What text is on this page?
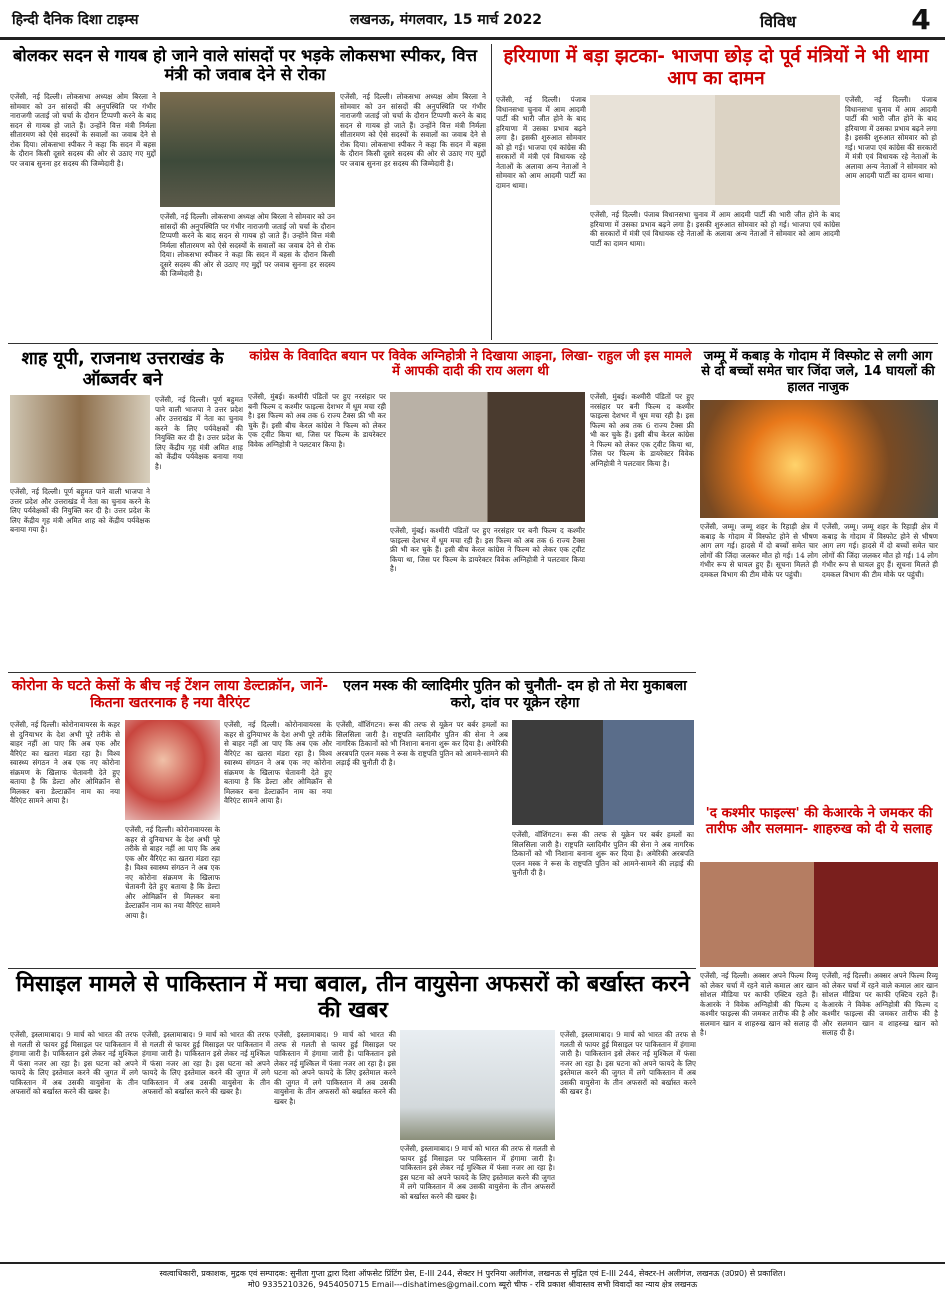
हिन्दी दैनिक दिशा टाइम्स	लखनऊ, मंगलवार, 15 मार्च 2022	विविध	4
बोलकर सदन से गायब हो जाने वाले सांसदों पर भड़के लोकसभा स्पीकर, वित्त मंत्री को जवाब देने से रोका
एजेंसी, नई दिल्ली। लोकसभा अध्यक्ष ओम बिरला ने सोमवार को उन सांसदों की अनुपस्थिति पर गंभीर नाराजगी जताई जो चर्चा के दौरान टिप्पणी करने के बाद सदन से गायब हो जाते हैं। उन्होंने वित्त मंत्री निर्मला सीतारमण को ऐसे सदस्यों के सवालों का जवाब देने से रोक दिया। लोकसभा स्पीकर ने कहा कि सदन में बहस के दौरान किसी दूसरे सदस्य की ओर से उठाए गए मुद्दों पर जवाब सुनना हर सदस्य की जिम्मेदारी है।
एजेंसी, नई दिल्ली। लोकसभा अध्यक्ष ओम बिरला ने सोमवार को उन सांसदों की अनुपस्थिति पर गंभीर नाराजगी जताई जो चर्चा के दौरान टिप्पणी करने के बाद सदन से गायब हो जाते हैं। उन्होंने वित्त मंत्री निर्मला सीतारमण को ऐसे सदस्यों के सवालों का जवाब देने से रोक दिया। लोकसभा स्पीकर ने कहा कि सदन में बहस के दौरान किसी दूसरे सदस्य की ओर से उठाए गए मुद्दों पर जवाब सुनना हर सदस्य की जिम्मेदारी है।
एजेंसी, नई दिल्ली। लोकसभा अध्यक्ष ओम बिरला ने सोमवार को उन सांसदों की अनुपस्थिति पर गंभीर नाराजगी जताई जो चर्चा के दौरान टिप्पणी करने के बाद सदन से गायब हो जाते हैं। उन्होंने वित्त मंत्री निर्मला सीतारमण को ऐसे सदस्यों के सवालों का जवाब देने से रोक दिया। लोकसभा स्पीकर ने कहा कि सदन में बहस के दौरान किसी दूसरे सदस्य की ओर से उठाए गए मुद्दों पर जवाब सुनना हर सदस्य की जिम्मेदारी है।
हरियाणा में बड़ा झटका- भाजपा छोड़ दो पूर्व मंत्रियों ने भी थामा आप का दामन
एजेंसी, नई दिल्ली। पंजाब विधानसभा चुनाव में आम आदमी पार्टी की भारी जीत होने के बाद हरियाणा में उसका प्रभाव बढ़ने लगा है। इसकी शुरुआत सोमवार को हो गई। भाजपा एवं कांग्रेस की सरकारों में मंत्री एवं विधायक रहे नेताओं के अलावा अन्य नेताओं ने सोमवार को आम आदमी पार्टी का दामन थामा।
एजेंसी, नई दिल्ली। पंजाब विधानसभा चुनाव में आम आदमी पार्टी की भारी जीत होने के बाद हरियाणा में उसका प्रभाव बढ़ने लगा है। इसकी शुरुआत सोमवार को हो गई। भाजपा एवं कांग्रेस की सरकारों में मंत्री एवं विधायक रहे नेताओं के अलावा अन्य नेताओं ने सोमवार को आम आदमी पार्टी का दामन थामा।
एजेंसी, नई दिल्ली। पंजाब विधानसभा चुनाव में आम आदमी पार्टी की भारी जीत होने के बाद हरियाणा में उसका प्रभाव बढ़ने लगा है। इसकी शुरुआत सोमवार को हो गई। भाजपा एवं कांग्रेस की सरकारों में मंत्री एवं विधायक रहे नेताओं के अलावा अन्य नेताओं ने सोमवार को आम आदमी पार्टी का दामन थामा।
शाह यूपी, राजनाथ उत्तराखंड के ऑब्जर्वर बने
एजेंसी, नई दिल्ली। पूर्ण बहुमत पाने वाली भाजपा ने उत्तर प्रदेश और उत्तराखंड में नेता का चुनाव करने के लिए पर्यवेक्षकों की नियुक्ति कर दी है। उत्तर प्रदेश के लिए केंद्रीय गृह मंत्री अमित शाह को केंद्रीय पर्यवेक्षक बनाया गया है।
एजेंसी, नई दिल्ली। पूर्ण बहुमत पाने वाली भाजपा ने उत्तर प्रदेश और उत्तराखंड में नेता का चुनाव करने के लिए पर्यवेक्षकों की नियुक्ति कर दी है। उत्तर प्रदेश के लिए केंद्रीय गृह मंत्री अमित शाह को केंद्रीय पर्यवेक्षक बनाया गया है।
कांग्रेस के विवादित बयान पर विवेक अग्निहोत्री ने दिखाया आइना, लिखा- राहुल जी इस मामले में आपकी दादी की राय अलग थी
एजेंसी, मुंबई। कश्मीरी पंडितों पर हुए नरसंहार पर बनी फिल्म द कश्मीर फाइल्स देशभर में धूम मचा रही है। इस फिल्म को अब तक 6 राज्य टैक्स फ्री भी कर चुके हैं। इसी बीच केरल कांग्रेस ने फिल्म को लेकर एक ट्वीट किया था, जिस पर फिल्म के डायरेक्टर विवेक अग्निहोत्री ने पलटवार किया है।
एजेंसी, मुंबई। कश्मीरी पंडितों पर हुए नरसंहार पर बनी फिल्म द कश्मीर फाइल्स देशभर में धूम मचा रही है। इस फिल्म को अब तक 6 राज्य टैक्स फ्री भी कर चुके हैं। इसी बीच केरल कांग्रेस ने फिल्म को लेकर एक ट्वीट किया था, जिस पर फिल्म के डायरेक्टर विवेक अग्निहोत्री ने पलटवार किया है।
एजेंसी, मुंबई। कश्मीरी पंडितों पर हुए नरसंहार पर बनी फिल्म द कश्मीर फाइल्स देशभर में धूम मचा रही है। इस फिल्म को अब तक 6 राज्य टैक्स फ्री भी कर चुके हैं। इसी बीच केरल कांग्रेस ने फिल्म को लेकर एक ट्वीट किया था, जिस पर फिल्म के डायरेक्टर विवेक अग्निहोत्री ने पलटवार किया है।
जम्मू में कबाड़ के गोदाम में विस्फोट से लगी आग से दो बच्चों समेत चार जिंदा जले, 14 घायलों की हालत नाजुक
एजेंसी, जम्मू। जम्मू शहर के रिहाड़ी क्षेत्र में कबाड़ के गोदाम में विस्फोट होने से भीषण आग लग गई। हादसे में दो बच्चों समेत चार लोगों की जिंदा जलकर मौत हो गई। 14 लोग गंभीर रूप से घायल हुए हैं। सूचना मिलते ही दमकल विभाग की टीम मौके पर पहुंची।
एजेंसी, जम्मू। जम्मू शहर के रिहाड़ी क्षेत्र में कबाड़ के गोदाम में विस्फोट होने से भीषण आग लग गई। हादसे में दो बच्चों समेत चार लोगों की जिंदा जलकर मौत हो गई। 14 लोग गंभीर रूप से घायल हुए हैं। सूचना मिलते ही दमकल विभाग की टीम मौके पर पहुंची।
कोरोना के घटते केसों के बीच नई टेंशन लाया डेल्टाक्रॉन, जानें- कितना खतरनाक है नया वैरिएंट
एजेंसी, नई दिल्ली। कोरोनावायरस के कहर से दुनियाभर के देश अभी पूरे तरीके से बाहर नहीं आ पाए कि अब एक और वैरिएंट का खतरा मंडरा रहा है। विश्व स्वास्थ्य संगठन ने अब एक नए कोरोना संक्रमण के खिलाफ चेतावनी देते हुए बताया है कि डेल्टा और ओमिक्रॉन से मिलकर बना डेल्टाक्रॉन नाम का नया वैरिएंट सामने आया है।
एजेंसी, नई दिल्ली। कोरोनावायरस के कहर से दुनियाभर के देश अभी पूरे तरीके से बाहर नहीं आ पाए कि अब एक और वैरिएंट का खतरा मंडरा रहा है। विश्व स्वास्थ्य संगठन ने अब एक नए कोरोना संक्रमण के खिलाफ चेतावनी देते हुए बताया है कि डेल्टा और ओमिक्रॉन से मिलकर बना डेल्टाक्रॉन नाम का नया वैरिएंट सामने आया है।
एजेंसी, नई दिल्ली। कोरोनावायरस के कहर से दुनियाभर के देश अभी पूरे तरीके से बाहर नहीं आ पाए कि अब एक और वैरिएंट का खतरा मंडरा रहा है। विश्व स्वास्थ्य संगठन ने अब एक नए कोरोना संक्रमण के खिलाफ चेतावनी देते हुए बताया है कि डेल्टा और ओमिक्रॉन से मिलकर बना डेल्टाक्रॉन नाम का नया वैरिएंट सामने आया है।
एलन मस्क की व्लादिमीर पुतिन को चुनौती- दम हो तो मेरा मुकाबला करो, दांव पर यूक्रेन रहेगा
एजेंसी, वॉशिंगटन। रूस की तरफ से यूक्रेन पर बर्बर हमलों का सिलसिला जारी है। राष्ट्रपति व्लादिमीर पुतिन की सेना ने अब नागरिक ठिकानों को भी निशाना बनाना शुरू कर दिया है। अमेरिकी अरबपति एलन मस्क ने रूस के राष्ट्रपति पुतिन को आमने-सामने की लड़ाई की चुनौती दी है।
एजेंसी, वॉशिंगटन। रूस की तरफ से यूक्रेन पर बर्बर हमलों का सिलसिला जारी है। राष्ट्रपति व्लादिमीर पुतिन की सेना ने अब नागरिक ठिकानों को भी निशाना बनाना शुरू कर दिया है। अमेरिकी अरबपति एलन मस्क ने रूस के राष्ट्रपति पुतिन को आमने-सामने की लड़ाई की चुनौती दी है।
'द कश्मीर फाइल्स' की केआरके ने जमकर की तारीफ और सलमान- शाहरुख को दी ये सलाह
एजेंसी, नई दिल्ली। अक्सर अपने फिल्म रिव्यू को लेकर चर्चा में रहने वाले कमाल आर खान सोशल मीडिया पर काफी एक्टिव रहते हैं। केआरके ने विवेक अग्निहोत्री की फिल्म द कश्मीर फाइल्स की जमकर तारीफ की है और सलमान खान व शाहरुख खान को सलाह दी है।
एजेंसी, नई दिल्ली। अक्सर अपने फिल्म रिव्यू को लेकर चर्चा में रहने वाले कमाल आर खान सोशल मीडिया पर काफी एक्टिव रहते हैं। केआरके ने विवेक अग्निहोत्री की फिल्म द कश्मीर फाइल्स की जमकर तारीफ की है और सलमान खान व शाहरुख खान को सलाह दी है।
मिसाइल मामले से पाकिस्तान में मचा बवाल, तीन वायुसेना अफसरों को बर्खास्त करने की खबर
एजेंसी, इस्लामाबाद। 9 मार्च को भारत की तरफ से गलती से फायर हुई मिसाइल पर पाकिस्तान में हंगामा जारी है। पाकिस्तान इसे लेकर नई मुश्किल में फंसा नजर आ रहा है। इस घटना को अपने फायदे के लिए इस्तेमाल करने की जुगत में लगे पाकिस्तान में अब उसकी वायुसेना के तीन अफसरों को बर्खास्त करने की खबर है।
एजेंसी, इस्लामाबाद। 9 मार्च को भारत की तरफ से गलती से फायर हुई मिसाइल पर पाकिस्तान में हंगामा जारी है। पाकिस्तान इसे लेकर नई मुश्किल में फंसा नजर आ रहा है। इस घटना को अपने फायदे के लिए इस्तेमाल करने की जुगत में लगे पाकिस्तान में अब उसकी वायुसेना के तीन अफसरों को बर्खास्त करने की खबर है।
एजेंसी, इस्लामाबाद। 9 मार्च को भारत की तरफ से गलती से फायर हुई मिसाइल पर पाकिस्तान में हंगामा जारी है। पाकिस्तान इसे लेकर नई मुश्किल में फंसा नजर आ रहा है। इस घटना को अपने फायदे के लिए इस्तेमाल करने की जुगत में लगे पाकिस्तान में अब उसकी वायुसेना के तीन अफसरों को बर्खास्त करने की खबर है।
एजेंसी, इस्लामाबाद। 9 मार्च को भारत की तरफ से गलती से फायर हुई मिसाइल पर पाकिस्तान में हंगामा जारी है। पाकिस्तान इसे लेकर नई मुश्किल में फंसा नजर आ रहा है। इस घटना को अपने फायदे के लिए इस्तेमाल करने की जुगत में लगे पाकिस्तान में अब उसकी वायुसेना के तीन अफसरों को बर्खास्त करने की खबर है।
एजेंसी, इस्लामाबाद। 9 मार्च को भारत की तरफ से गलती से फायर हुई मिसाइल पर पाकिस्तान में हंगामा जारी है। पाकिस्तान इसे लेकर नई मुश्किल में फंसा नजर आ रहा है। इस घटना को अपने फायदे के लिए इस्तेमाल करने की जुगत में लगे पाकिस्तान में अब उसकी वायुसेना के तीन अफसरों को बर्खास्त करने की खबर है।
स्वत्वाधिकारी, प्रकाशक, मुद्रक एवं सम्पादक: सुनीता गुप्ता द्वारा दिशा ऑफसेट प्रिंटिंग प्रेस, E-III 244, सेक्टर H पुरनिया अलीगंज, लखनऊ से मुद्रित एवं E-III 244, सेक्टर-H अलीगंज, लखनऊ (उ0प्र0) से प्रकाशित।
मो0 9335210326, 9454050715 Email---dishatimes@gmail.com ब्यूरो चीफ - रवि प्रकाश श्रीवास्तव सभी विवादों का न्याय क्षेत्र लखनऊ
